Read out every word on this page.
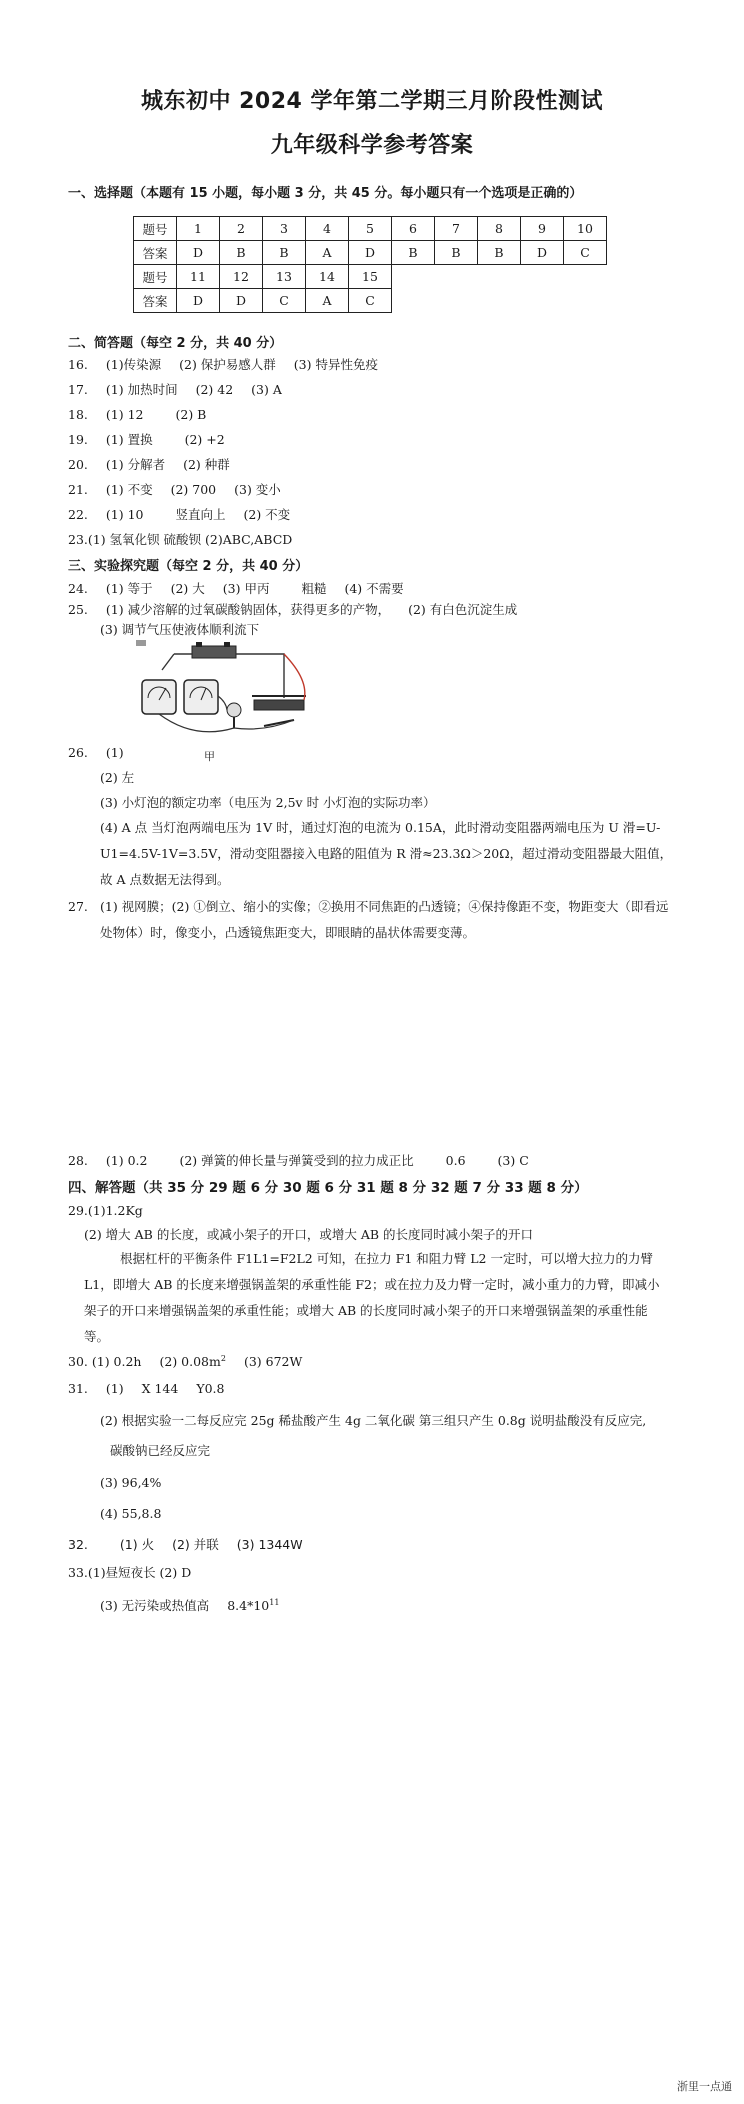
城东初中 2024 学年第二学期三月阶段性测试
九年级科学参考答案
一、选择题（本题有 15 小题，每小题 3 分，共 45 分。每小题只有一个选项是正确的）
题号	1	2	3	4	5	6	7	8	9	10
答案	D	B	B	A	D	B	B	B	D	C
题号	11	12	13	14	15					
答案	D	D	C	A	C					
二、简答题（每空 2 分，共 40 分）
16. (1)传染源 (2) 保护易感人群 (3) 特异性免疫
17. (1) 加热时间 (2) 42 (3) A
18. (1) 12	(2) B
19. (1) 置换	(2) +2
20. (1) 分解者 (2) 种群
21. (1) 不变 (2) 700 (3) 变小
22. (1) 10	竖直向上 (2) 不变
23.(1) 氢氧化钡 硫酸钡 (2)ABC,ABCD
三、实验探究题（每空 2 分，共 40 分）
24. (1) 等于 (2) 大 (3) 甲丙	粗糙 (4) 不需要
25. (1) 减少溶解的过氧碳酸钠固体，获得更多的产物， (2) 有白色沉淀生成
(3) 调节气压使液体顺利流下
甲
26. (1)
(2) 左
(3) 小灯泡的额定功率（电压为 2,5v 时 小灯泡的实际功率）
(4) A 点 当灯泡两端电压为 1V 时，通过灯泡的电流为 0.15A，此时滑动变阻器两端电压为 U 滑=U-U1=4.5V-1V=3.5V，滑动变阻器接入电路的阻值为 R 滑≈23.3Ω＞20Ω，超过滑动变阻器最大阻值，故 A 点数据无法得到。
27. (1) 视网膜；(2) ①倒立、缩小的实像；②换用不同焦距的凸透镜；④保持像距不变，物距变大（即看远处物体）时，像变小，凸透镜焦距变大，即眼睛的晶状体需要变薄。
28. (1) 0.2	(2) 弹簧的伸长量与弹簧受到的拉力成正比	0.6	(3) C
四、解答题（共 35 分 29 题 6 分 30 题 6 分 31 题 8 分 32 题 7 分 33 题 8 分）
29.(1)1.2Kg
(2) 增大 AB 的长度，或减小架子的开口，或增大 AB 的长度同时减小架子的开口
根据杠杆的平衡条件 F1L1=F2L2 可知，在拉力 F1 和阻力臂 L2 一定时，可以增大拉力的力臂 L1，即增大 AB 的长度来增强锅盖架的承重性能 F2；或在拉力及力臂一定时，减小重力的力臂，即减小架子的开口来增强锅盖架的承重性能；或增大 AB 的长度同时减小架子的开口来增强锅盖架的承重性能等。
30. (1) 0.2h (2) $0.08m^2$ (3) 672W
31. (1) X 144 Y0.8
(2) 根据实验一二每反应完 25g 稀盐酸产生 4g 二氧化碳 第三组只产生 0.8g 说明盐酸没有反应完,
碳酸钠已经反应完
(3) 96,4%
(4) 55,8.8
32.	(1) 火 (2) 并联 (3) 1344W
33.(1)昼短夜长 (2) D
(3) 无污染或热值高 $8.4*10^{11}$
浙里一点通
